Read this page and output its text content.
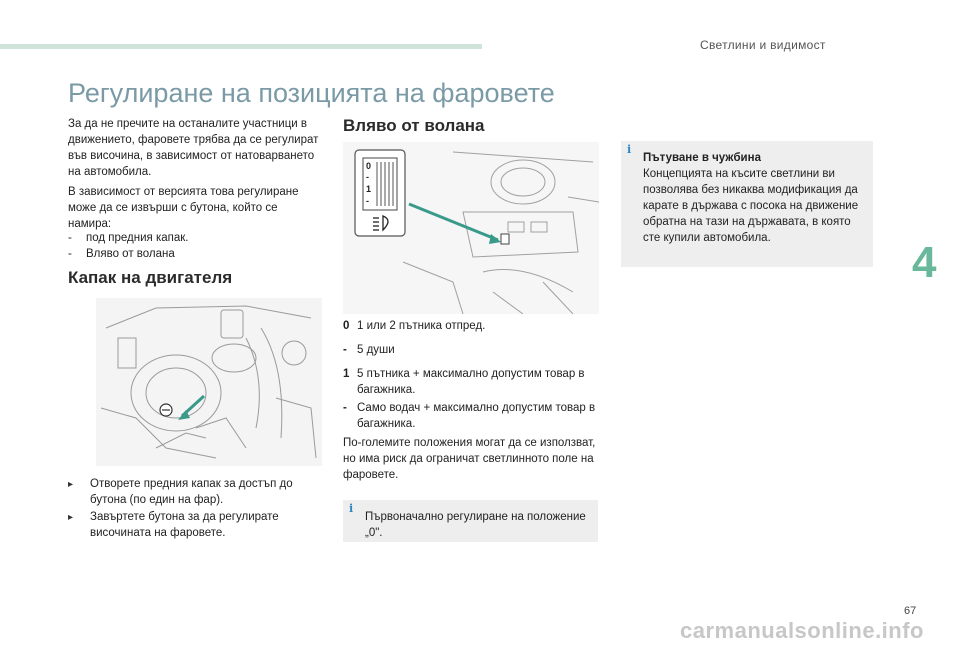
Светлини и видимост
4
Регулиране на позицията на фаровете
За да не пречите на останалите участници в движението, фаровете трябва да се регулират във височина, в зависимост от натоварването на автомобила.
В зависимост от версията това регулиране може да се извърши с бутона, който се намира:
-	под предния капак.
-	Вляво от волана
Капак на двигателя
▸	Отворете предния капак за достъп до бутона (по един на фар).
▸	Завъртете бутона за да регулирате височината на фаровете.
Вляво от волана
0
-
1
-
0 1 или 2 пътника отпред.
- 5 души
1 5 пътника + максимално допустим товар в багажника.
- Само водач + максимално допустим товар в багажника.
По-големите положения могат да се използват, но има риск да ограничат светлинното поле на фаровете.
i
Първоначално регулиране на положение „0".
i
Пътуване в чужбина
Концепцията на късите светлини ви позволява без никаква модификация да карате в държава с посока на движение обратна на тази на държавата, в която сте купили автомобила.
67
carmanualsonline.info
